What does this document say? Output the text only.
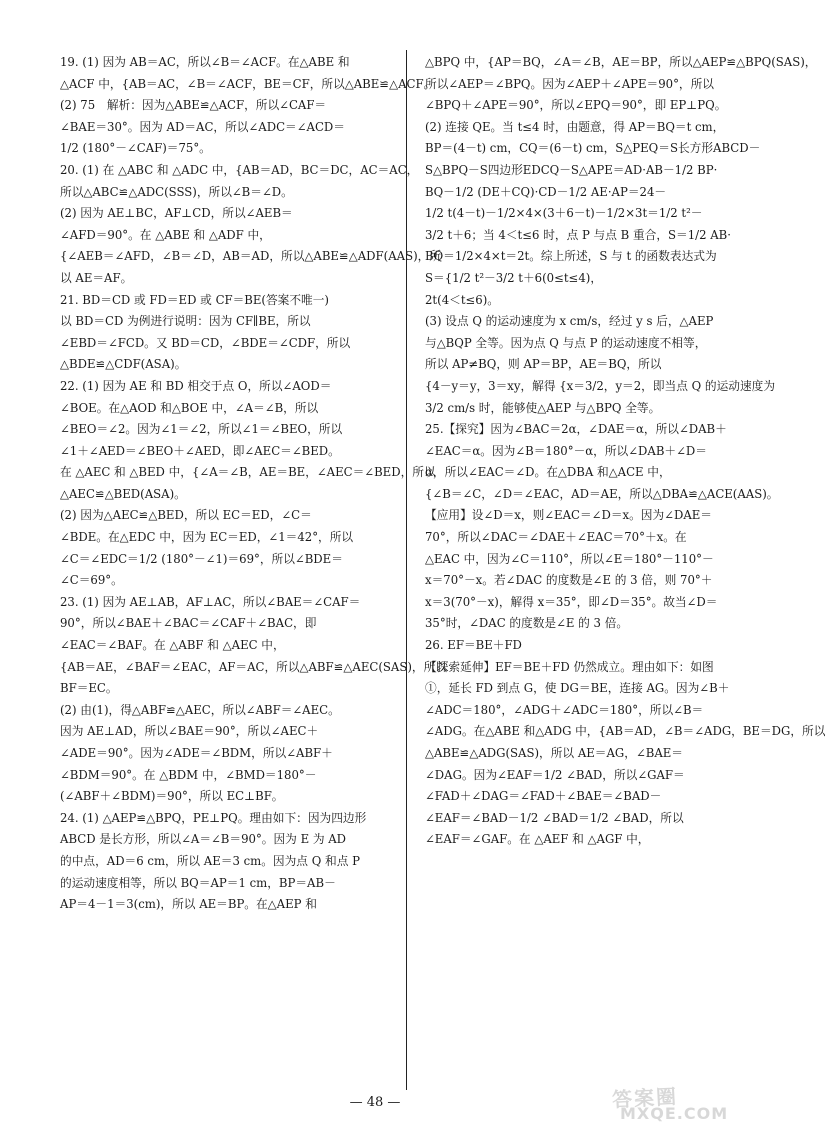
19. (1) 因为 AB＝AC，所以∠B＝∠ACF。在△ABE 和
△ACF 中，{AB＝AC，∠B＝∠ACF，BE＝CF，所以△ABE≌△ACF。
(2) 75　解析：因为△ABE≌△ACF，所以∠CAF＝
∠BAE＝30°。因为 AD＝AC，所以∠ADC＝∠ACD＝
1/2 (180°－∠CAF)＝75°。
20. (1) 在 △ABC 和 △ADC 中，{AB＝AD，BC＝DC，AC＝AC，
所以△ABC≌△ADC(SSS)，所以∠B＝∠D。
(2) 因为 AE⊥BC，AF⊥CD，所以∠AEB＝
∠AFD＝90°。在 △ABE 和 △ADF 中，
{∠AEB＝∠AFD，∠B＝∠D，AB＝AD，所以△ABE≌△ADF(AAS)，所
以 AE＝AF。
21. BD＝CD 或 FD＝ED 或 CF＝BE(答案不唯一)
以 BD＝CD 为例进行说明：因为 CF∥BE，所以
∠EBD＝∠FCD。又 BD＝CD，∠BDE＝∠CDF，所以
△BDE≌△CDF(ASA)。
22. (1) 因为 AE 和 BD 相交于点 O，所以∠AOD＝
∠BOE。在△AOD 和△BOE 中，∠A＝∠B，所以
∠BEO＝∠2。因为∠1＝∠2，所以∠1＝∠BEO，所以
∠1＋∠AED＝∠BEO＋∠AED，即∠AEC＝∠BED。
在 △AEC 和 △BED 中，{∠A＝∠B，AE＝BE，∠AEC＝∠BED，所以
△AEC≌△BED(ASA)。
(2) 因为△AEC≌△BED，所以 EC＝ED，∠C＝
∠BDE。在△EDC 中，因为 EC＝ED，∠1＝42°，所以
∠C＝∠EDC＝1/2 (180°－∠1)＝69°，所以∠BDE＝
∠C＝69°。
23. (1) 因为 AE⊥AB，AF⊥AC，所以∠BAE＝∠CAF＝
90°，所以∠BAE＋∠BAC＝∠CAF＋∠BAC，即
∠EAC＝∠BAF。在 △ABF 和 △AEC 中，
{AB＝AE，∠BAF＝∠EAC，AF＝AC，所以△ABF≌△AEC(SAS)，所以
BF＝EC。
(2) 由(1)，得△ABF≌△AEC，所以∠ABF＝∠AEC。
因为 AE⊥AD，所以∠BAE＝90°，所以∠AEC＋
∠ADE＝90°。因为∠ADE＝∠BDM，所以∠ABF＋
∠BDM＝90°。在 △BDM 中，∠BMD＝180°－
(∠ABF＋∠BDM)＝90°，所以 EC⊥BF。
24. (1) △AEP≌△BPQ，PE⊥PQ。理由如下：因为四边形
ABCD 是长方形，所以∠A＝∠B＝90°。因为 E 为 AD
的中点，AD＝6 cm，所以 AE＝3 cm。因为点 Q 和点 P
的运动速度相等，所以 BQ＝AP＝1 cm，BP＝AB－
AP＝4－1＝3(cm)，所以 AE＝BP。在△AEP 和
△BPQ 中，{AP＝BQ，∠A＝∠B，AE＝BP，所以△AEP≌△BPQ(SAS)，
所以∠AEP＝∠BPQ。因为∠AEP＋∠APE＝90°，所以
∠BPQ＋∠APE＝90°，所以∠EPQ＝90°，即 EP⊥PQ。
(2) 连接 QE。当 t≤4 时，由题意，得 AP＝BQ＝t cm，
BP＝(4－t) cm，CQ＝(6－t) cm，S△PEQ＝S长方形ABCD－
S△BPQ－S四边形EDCQ－S△APE＝AD·AB－1/2 BP·
BQ－1/2 (DE＋CQ)·CD－1/2 AE·AP＝24－
1/2 t(4－t)－1/2×4×(3＋6－t)－1/2×3t＝1/2 t²－
3/2 t＋6；当 4＜t≤6 时，点 P 与点 B 重合，S＝1/2 AB·
BQ＝1/2×4×t＝2t。综上所述，S 与 t 的函数表达式为
S＝{1/2 t²－3/2 t＋6(0≤t≤4)，
2t(4＜t≤6)。
(3) 设点 Q 的运动速度为 x cm/s，经过 y s 后，△AEP
与△BQP 全等。因为点 Q 与点 P 的运动速度不相等，
所以 AP≠BQ，则 AP＝BP，AE＝BQ，所以
{4－y＝y，3＝xy，解得 {x＝3/2，y＝2，即当点 Q 的运动速度为
3/2 cm/s 时，能够使△AEP 与△BPQ 全等。
25.【探究】因为∠BAC＝2α，∠DAE＝α，所以∠DAB＋
∠EAC＝α。因为∠B＝180°－α，所以∠DAB＋∠D＝
α，所以∠EAC＝∠D。在△DBA 和△ACE 中，
{∠B＝∠C，∠D＝∠EAC，AD＝AE，所以△DBA≌△ACE(AAS)。
【应用】设∠D＝x，则∠EAC＝∠D＝x。因为∠DAE＝
70°，所以∠DAC＝∠DAE＋∠EAC＝70°＋x。在
△EAC 中，因为∠C＝110°，所以∠E＝180°－110°－
x＝70°－x。若∠DAC 的度数是∠E 的 3 倍，则 70°＋
x＝3(70°－x)，解得 x＝35°，即∠D＝35°。故当∠D＝
35°时，∠DAC 的度数是∠E 的 3 倍。
26. EF＝BE＋FD
【探索延伸】EF＝BE＋FD 仍然成立。理由如下：如图
①，延长 FD 到点 G，使 DG＝BE，连接 AG。因为∠B＋
∠ADC＝180°，∠ADG＋∠ADC＝180°，所以∠B＝
∠ADG。在△ABE 和△ADG 中，{AB＝AD，∠B＝∠ADG，BE＝DG，所以
△ABE≌△ADG(SAS)，所以 AE＝AG，∠BAE＝
∠DAG。因为∠EAF＝1/2 ∠BAD，所以∠GAF＝
∠FAD＋∠DAG＝∠FAD＋∠BAE＝∠BAD－
∠EAF＝∠BAD－1/2 ∠BAD＝1/2 ∠BAD，所以
∠EAF＝∠GAF。在 △AEF 和 △AGF 中，
— 48 —	答案圈
MXQE.COM
